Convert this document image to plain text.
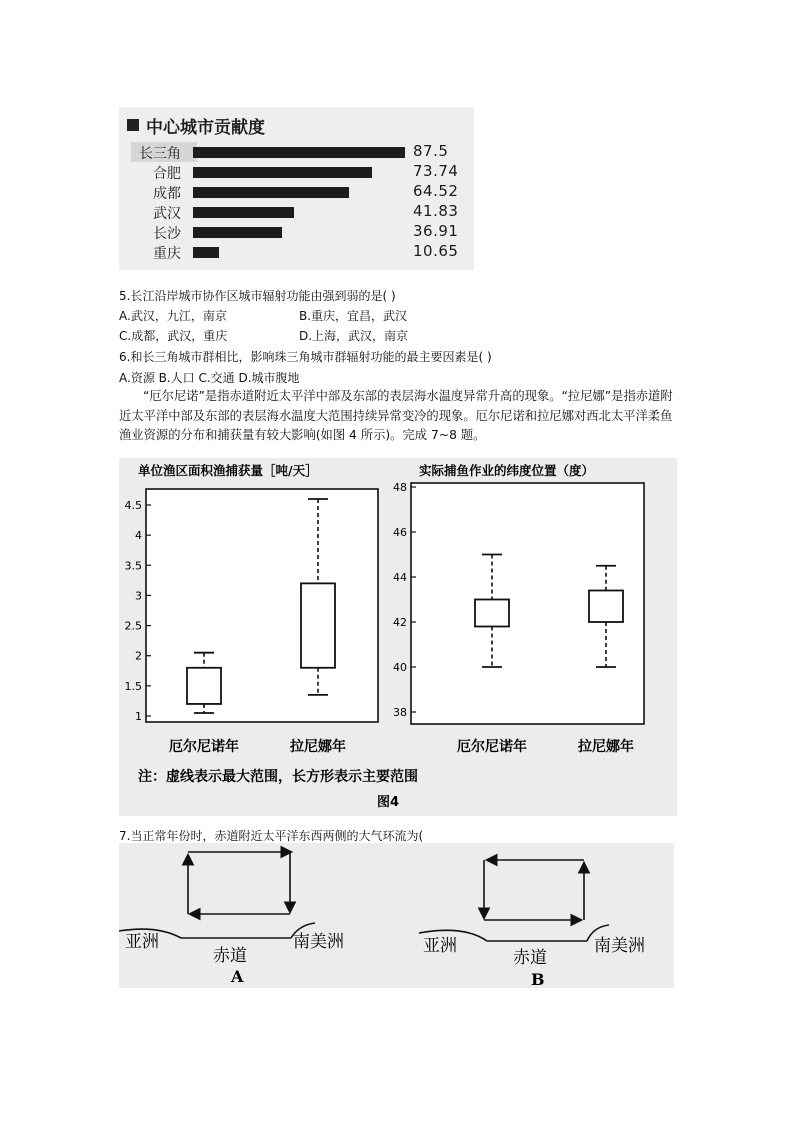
中心城市贡献度
长三角	87.5
合肥	73.74
成都	64.52
武汉	41.83
长沙	36.91
重庆	10.65
5.长江沿岸城市协作区城市辐射功能由强到弱的是( )
A.武汉，九江，南京	B.重庆，宜昌，武汉
C.成都，武汉，重庆	D.上海，武汉，南京
6.和长三角城市群相比，影响珠三角城市群辐射功能的最主要因素是( )
A.资源 B.人口 C.交通 D.城市腹地
“厄尔尼诺”是指赤道附近太平洋中部及东部的表层海水温度异常升高的现象。“拉尼娜”是指赤道附近太平洋中部及东部的表层海水温度大范围持续异常变冷的现象。厄尔尼诺和拉尼娜对西北太平洋柔鱼渔业资源的分布和捕获量有较大影响(如图 4 所示)。完成 7~8 题。
单位渔区面积渔捕获量［吨/天］
1
1.5
2
2.5
3
3.5
4
4.5
厄尔尼诺年	拉尼娜年
实际捕鱼作业的纬度位置（度）
38
40
42
44
46
48
厄尔尼诺年	拉尼娜年
注：虚线表示最大范围，长方形表示主要范围
图4
7.当正常年份时，赤道附近太平洋东西两侧的大气环流为(
亚洲
赤道
南美洲
A
亚洲
赤道
南美洲
B
